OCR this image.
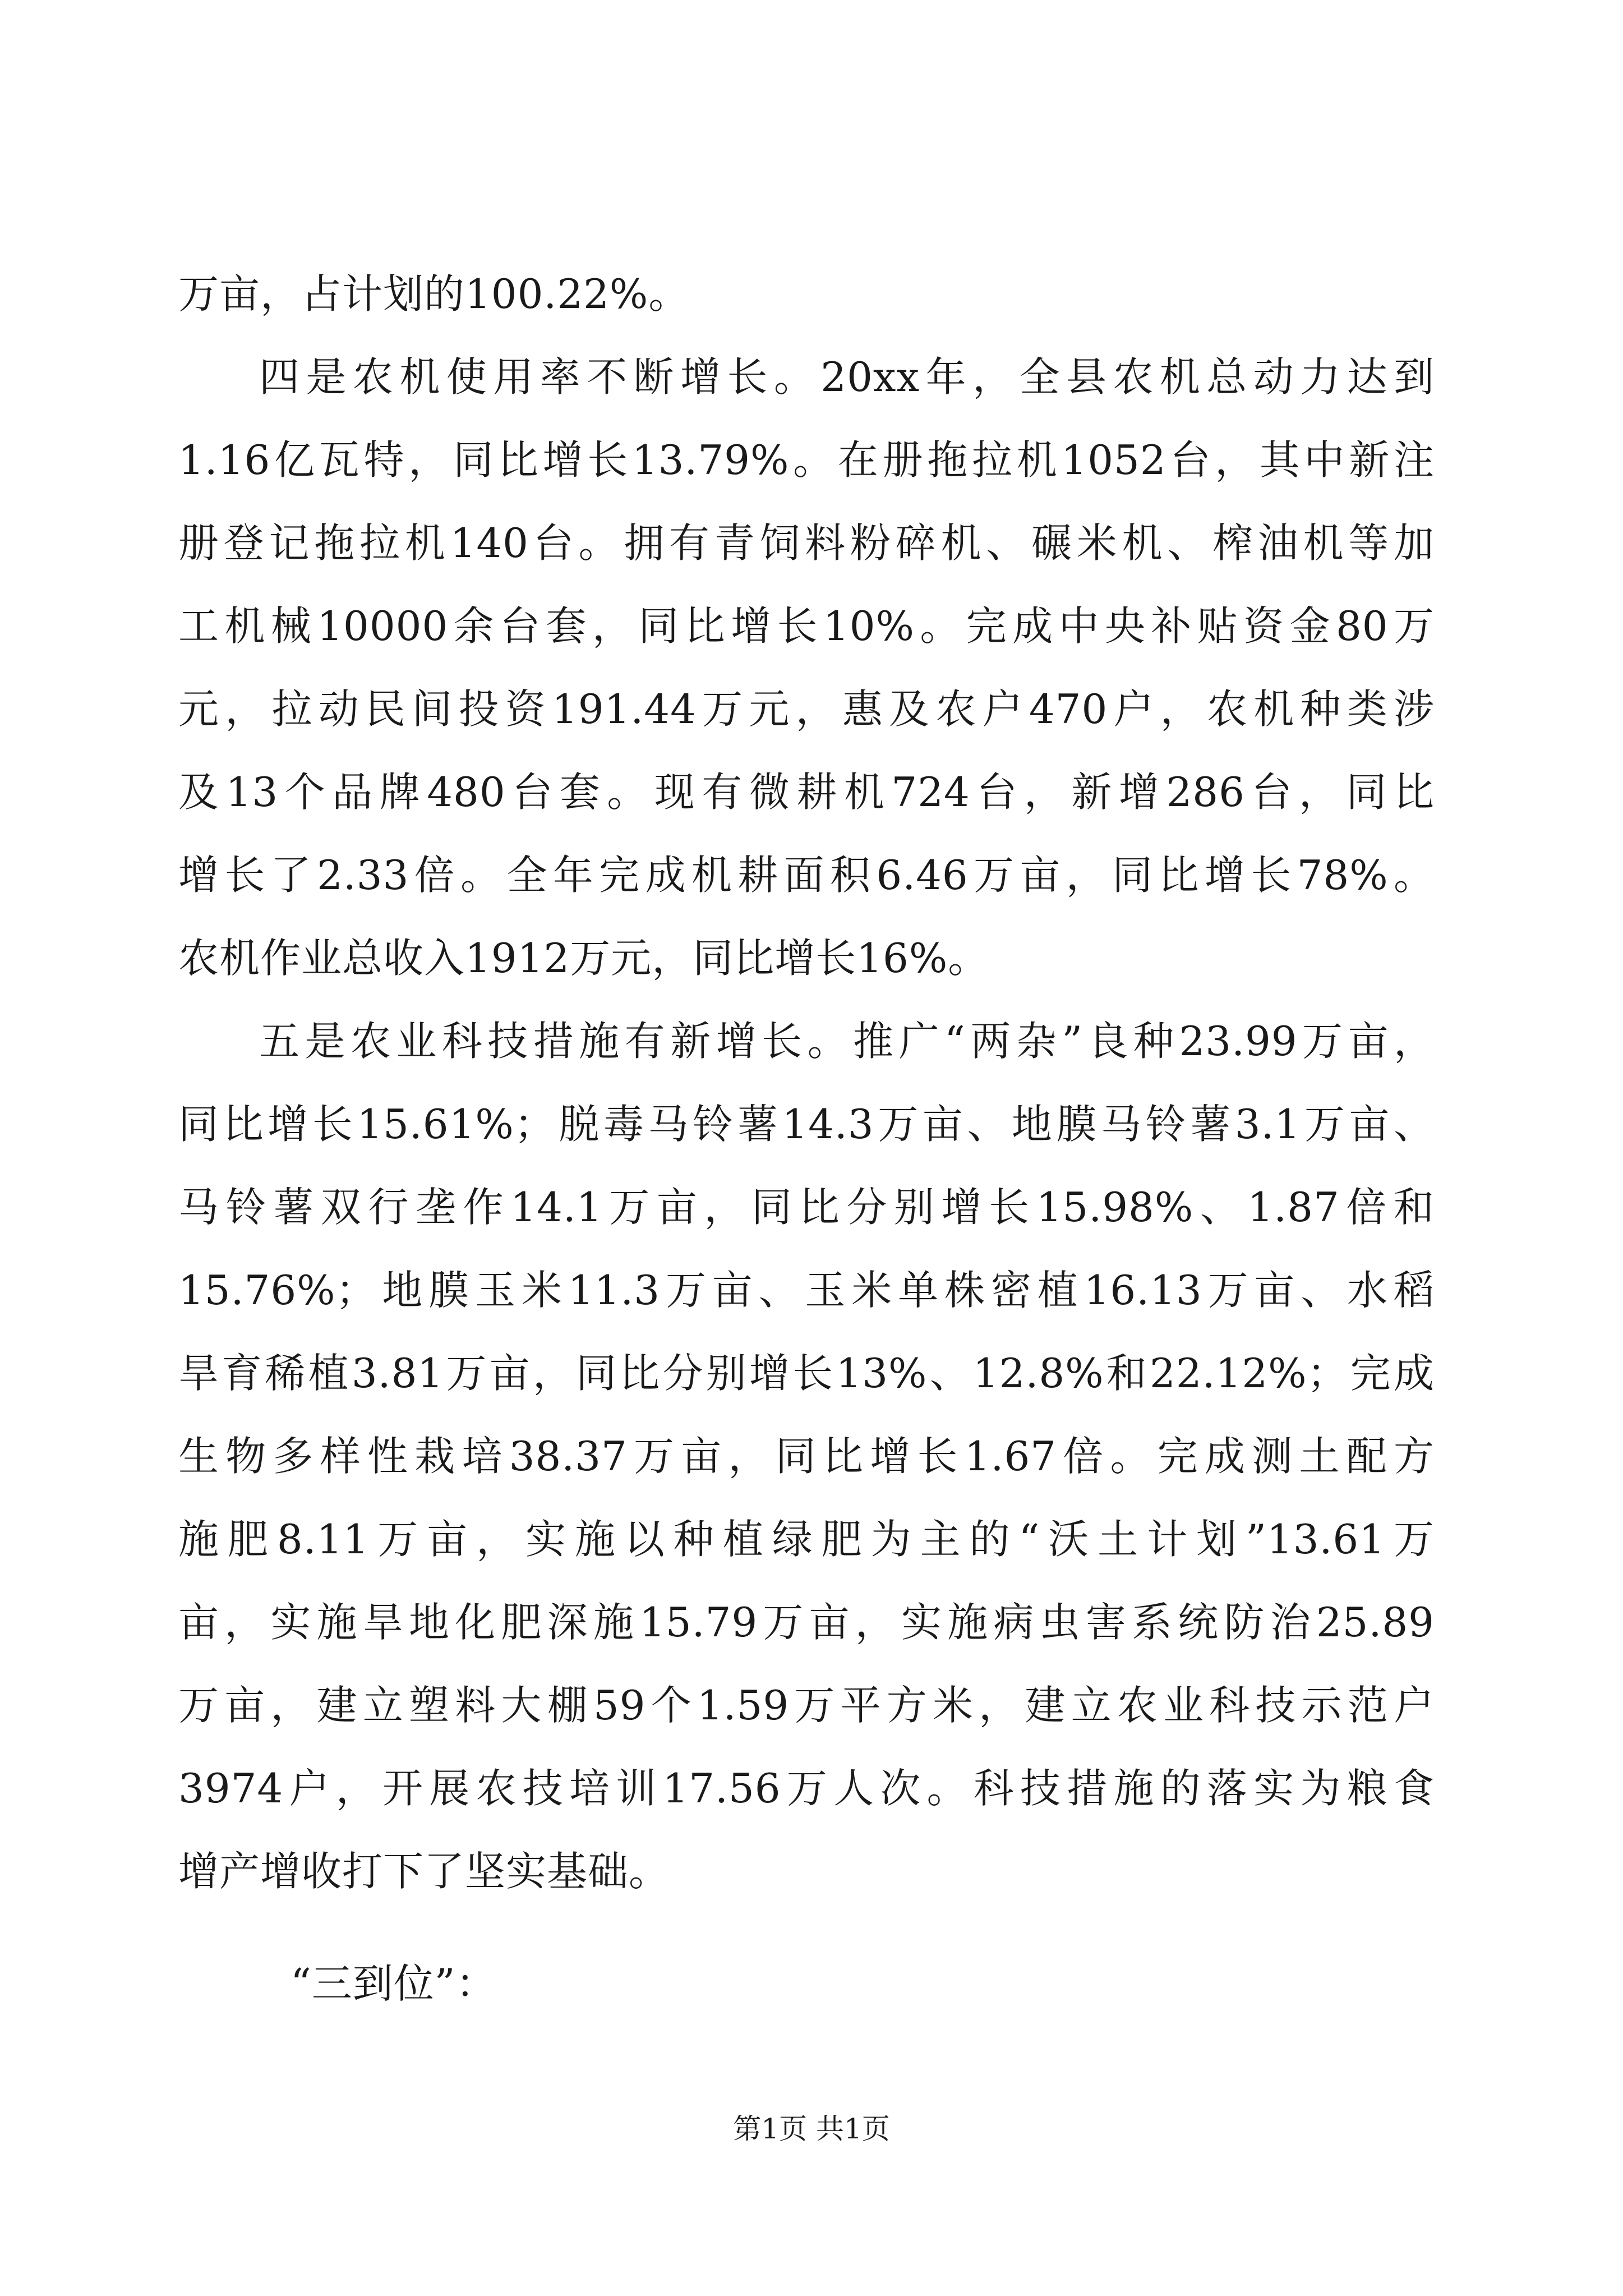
万亩，占计划的100.22%。
四是农机使用率不断增长。20xx年，全县农机总动力达到
1.16亿瓦特，同比增长13.79%。在册拖拉机1052台，其中新注
册登记拖拉机140台。拥有青饲料粉碎机、碾米机、榨油机等加
工机械10000余台套，同比增长10%。完成中央补贴资金80万
元，拉动民间投资191.44万元，惠及农户470户，农机种类涉
及13个品牌480台套。现有微耕机724台，新增286台，同比
增长了2.33倍。全年完成机耕面积6.46万亩，同比增长78%。
农机作业总收入1912万元，同比增长16%。
五是农业科技措施有新增长。推广“两杂”良种23.99万亩，
同比增长15.61%；脱毒马铃薯14.3万亩、地膜马铃薯3.1万亩、
马铃薯双行垄作14.1万亩，同比分别增长15.98%、1.87倍和
15.76%；地膜玉米11.3万亩、玉米单株密植16.13万亩、水稻
旱育稀植3.81万亩，同比分别增长13%、12.8%和22.12%；完成
生物多样性栽培38.37万亩，同比增长1.67倍。完成测土配方
施肥8.11万亩，实施以种植绿肥为主的“沃土计划”13.61万
亩，实施旱地化肥深施15.79万亩，实施病虫害系统防治25.89
万亩，建立塑料大棚59个1.59万平方米，建立农业科技示范户
3974户，开展农技培训17.56万人次。科技措施的落实为粮食
增产增收打下了坚实基础。
“三到位”：
第1页 共1页
